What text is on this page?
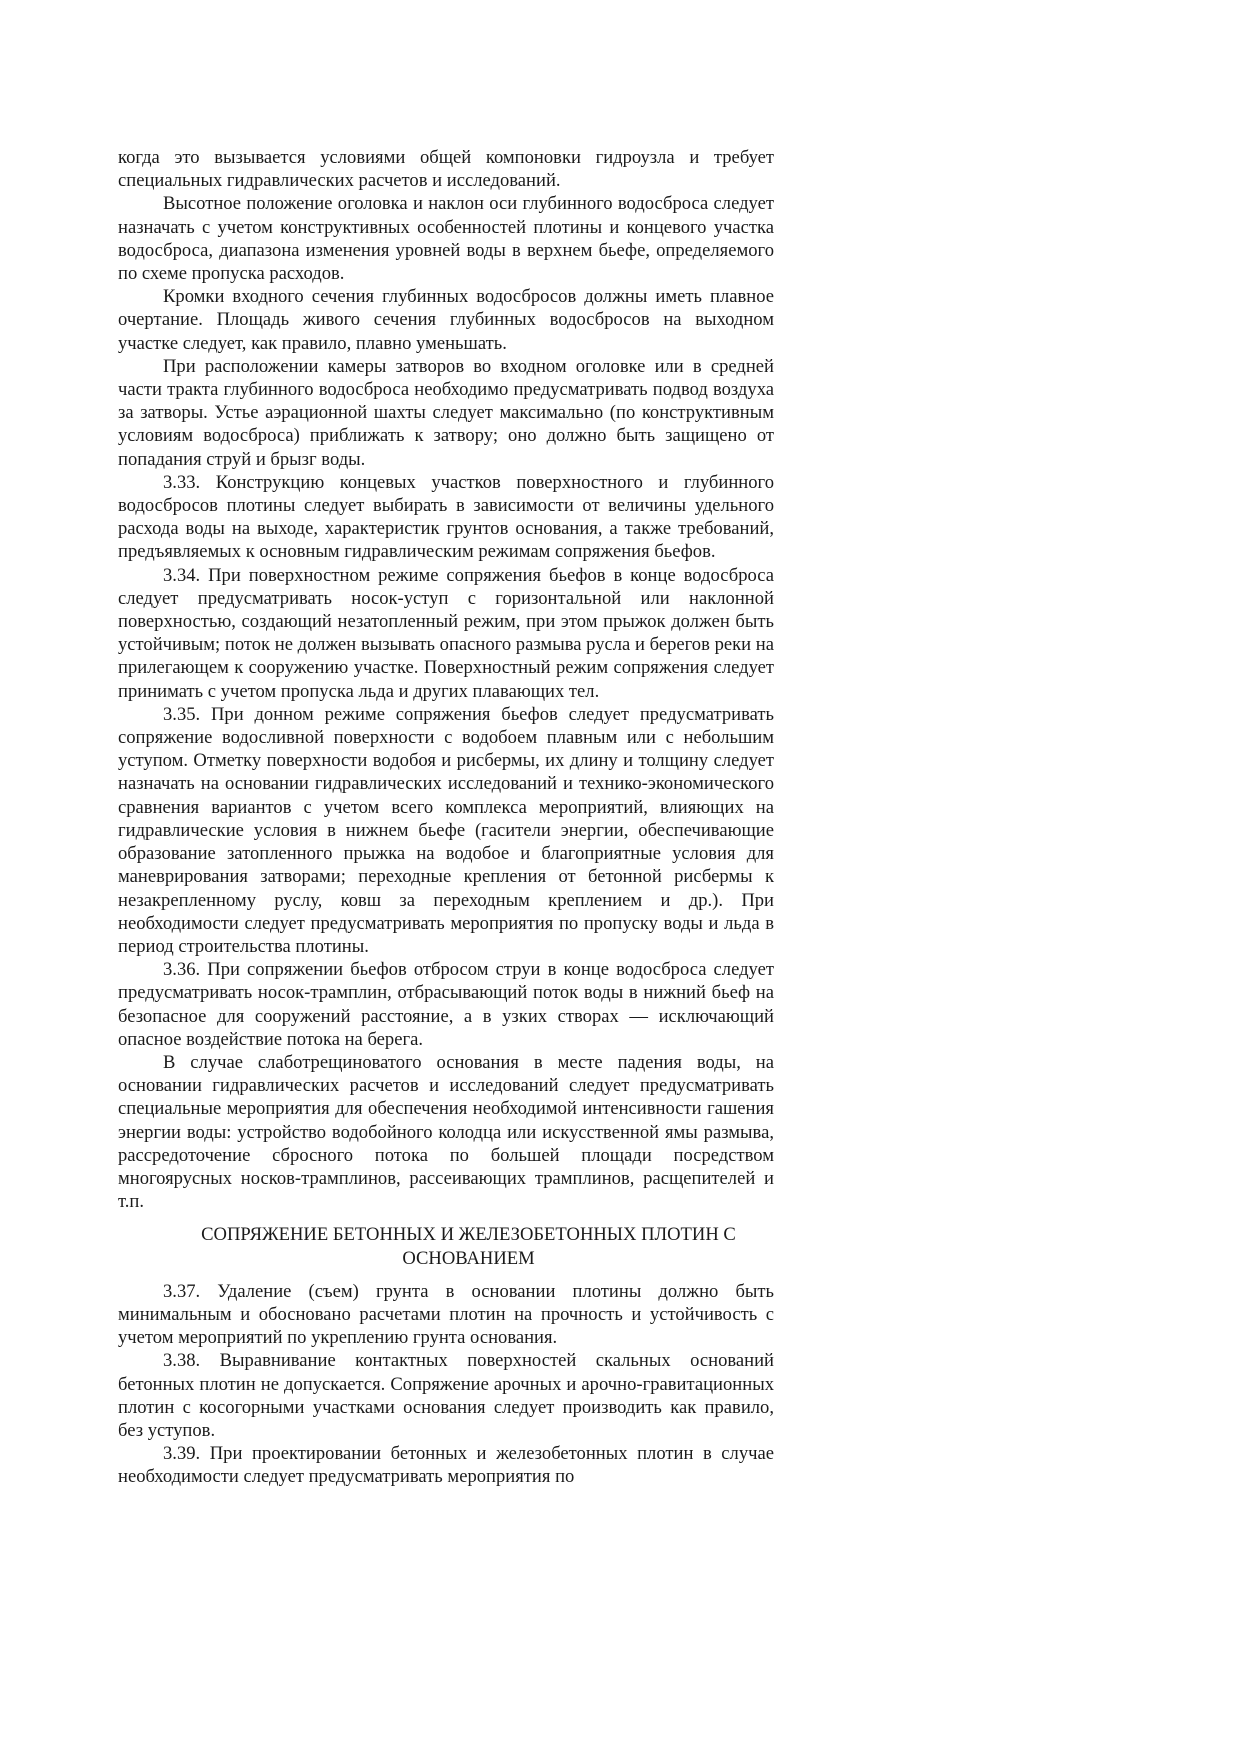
когда это вызывается условиями общей компоновки гидроузла и требует специальных гидравлических расчетов и исследований.

Высотное положение оголовка и наклон оси глубинного водосброса следует назначать с учетом конструктивных особенностей плотины и концевого участка водосброса, диапазона изменения уровней воды в верхнем бьефе, определяемого по схеме пропуска расходов.

Кромки входного сечения глубинных водосбросов должны иметь плавное очертание. Площадь живого сечения глубинных водосбросов на выходном участке следует, как правило, плавно уменьшать.

При расположении камеры затворов во входном оголовке или в средней части тракта глубинного водосброса необходимо предусматривать подвод воздуха за затворы. Устье аэрационной шахты следует максимально (по конструктивным условиям водосброса) приближать к затвору; оно должно быть защищено от попадания струй и брызг воды.

3.33. Конструкцию концевых участков поверхностного и глубинного водосбросов плотины следует выбирать в зависимости от величины удельного расхода воды на выходе, характеристик грунтов основания, а также требований, предъявляемых к основным гидравлическим режимам сопряжения бьефов.

3.34. При поверхностном режиме сопряжения бьефов в конце водосброса следует предусматривать носок-уступ с горизонтальной или наклонной поверхностью, создающий незатопленный режим, при этом прыжок должен быть устойчивым; поток не должен вызывать опасного размыва русла и берегов реки на прилегающем к сооружению участке. Поверхностный режим сопряжения следует принимать с учетом пропуска льда и других плавающих тел.

3.35. При донном режиме сопряжения бьефов следует предусматривать сопряжение водосливной поверхности с водобоем плавным или с небольшим уступом. Отметку поверхности водобоя и рисбермы, их длину и толщину следует назначать на основании гидравлических исследований и технико-экономического сравнения вариантов с учетом всего комплекса мероприятий, влияющих на гидравлические условия в нижнем бьефе (гасители энергии, обеспечивающие образование затопленного прыжка на водобое и благоприятные условия для маневрирования затворами; переходные крепления от бетонной рисбермы к незакрепленному руслу, ковш за переходным креплением и др.). При необходимости следует предусматривать мероприятия по пропуску воды и льда в период строительства плотины.

3.36. При сопряжении бьефов отбросом струи в конце водосброса следует предусматривать носок-трамплин, отбрасывающий поток воды в нижний бьеф на безопасное для сооружений расстояние, а в узких створах — исключающий опасное воздействие потока на берега.

В случае слаботрещиноватого основания в месте падения воды, на основании гидравлических расчетов и исследований следует предусматривать специальные мероприятия для обеспечения необходимой интенсивности гашения энергии воды: устройство водобойного колодца или искусственной ямы размыва, рассредоточение сбросного потока по большей площади посредством многоярусных носков-трамплинов, рассеивающих трамплинов, расщепителей и т.п.

СОПРЯЖЕНИЕ БЕТОННЫХ И ЖЕЛЕЗОБЕТОННЫХ ПЛОТИН С ОСНОВАНИЕМ

3.37. Удаление (съем) грунта в основании плотины должно быть минимальным и обосновано расчетами плотин на прочность и устойчивость с учетом мероприятий по укреплению грунта основания.

3.38. Выравнивание контактных поверхностей скальных оснований бетонных плотин не допускается. Сопряжение арочных и арочно-гравитационных плотин с косогорными участками основания следует производить как правило, без уступов.

3.39. При проектировании бетонных и железобетонных плотин в случае необходимости следует предусматривать мероприятия по
